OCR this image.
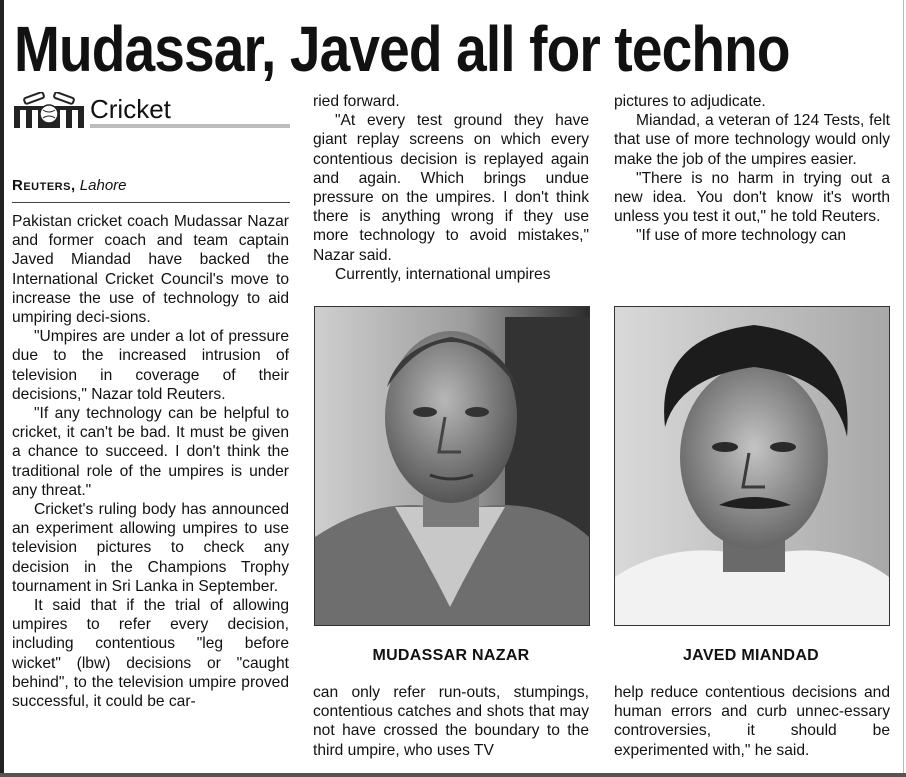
Mudassar, Javed all for techno
Cricket
Reuters, Lahore

Pakistan cricket coach Mudassar Nazar and former coach and team captain Javed Miandad have backed the International Cricket Council's move to increase the use of technology to aid umpiring deci-sions.

"Umpires are under a lot of pressure due to the increased intrusion of television in coverage of their decisions," Nazar told Reuters.

"If any technology can be helpful to cricket, it can't be bad. It must be given a chance to succeed. I don't think the traditional role of the umpires is under any threat."

Cricket's ruling body has announced an experiment allowing umpires to use television pictures to check any decision in the Champions Trophy tournament in Sri Lanka in September.

It said that if the trial of allowing umpires to refer every decision, including contentious "leg before wicket" (lbw) decisions or "caught behind", to the television umpire proved successful, it could be car-

ried forward.

"At every test ground they have giant replay screens on which every contentious decision is replayed again and again. Which brings undue pressure on the umpires. I don't think there is anything wrong if they use more technology to avoid mistakes," Nazar said.

Currently, international umpires

pictures to adjudicate.

Miandad, a veteran of 124 Tests, felt that use of more technology would only make the job of the umpires easier.

"There is no harm in trying out a new idea. You don't know it's worth unless you test it out," he told Reuters.

"If use of more technology can

MUDASSAR NAZAR	JAVED MIANDAD

can only refer run-outs, stumpings, contentious catches and shots that may not have crossed the boundary to the third umpire, who uses TV

help reduce contentious decisions and human errors and curb unnec-essary controversies, it should be experimented with," he said.
